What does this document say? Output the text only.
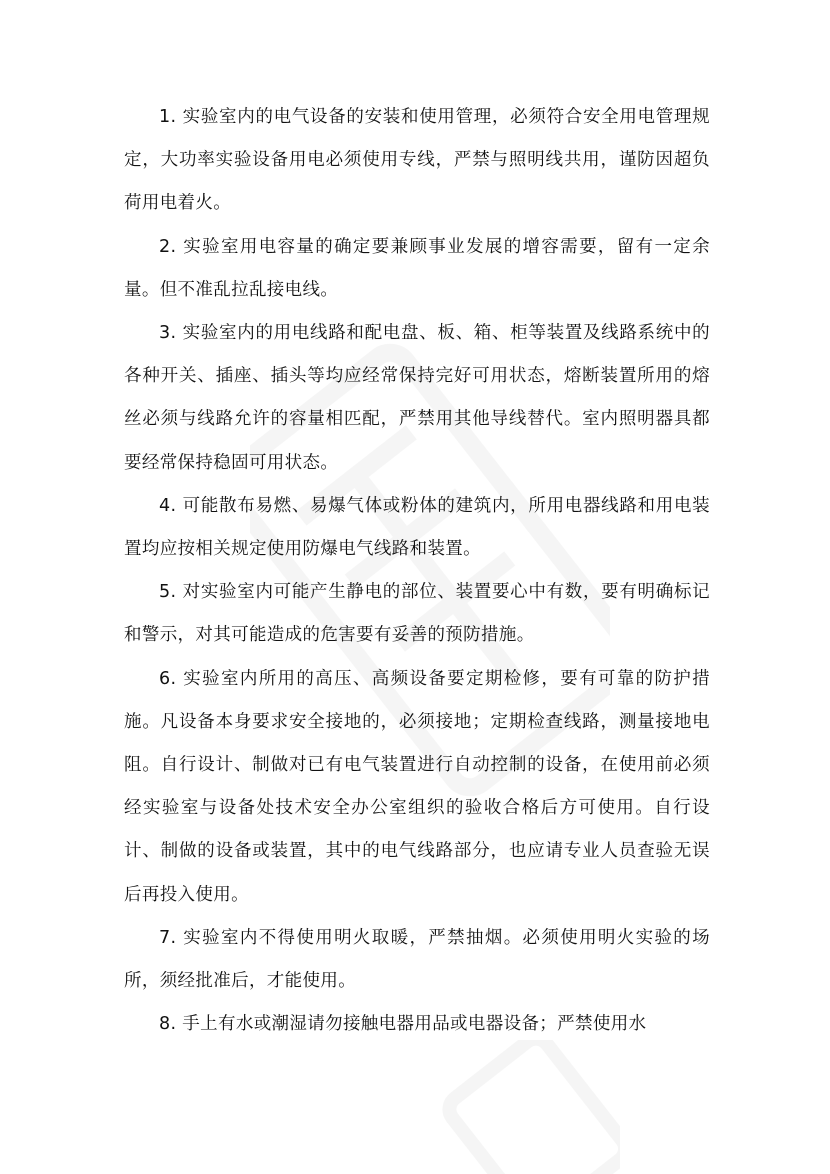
1. 实验室内的电气设备的安装和使用管理，必须符合安全用电管理规定，大功率实验设备用电必须使用专线，严禁与照明线共用，谨防因超负荷用电着火。

2. 实验室用电容量的确定要兼顾事业发展的增容需要，留有一定余量。但不准乱拉乱接电线。

3. 实验室内的用电线路和配电盘、板、箱、柜等装置及线路系统中的各种开关、插座、插头等均应经常保持完好可用状态，熔断装置所用的熔丝必须与线路允许的容量相匹配，严禁用其他导线替代。室内照明器具都要经常保持稳固可用状态。

4. 可能散布易燃、易爆气体或粉体的建筑内，所用电器线路和用电装置均应按相关规定使用防爆电气线路和装置。

5. 对实验室内可能产生静电的部位、装置要心中有数，要有明确标记和警示，对其可能造成的危害要有妥善的预防措施。

6. 实验室内所用的高压、高频设备要定期检修，要有可靠的防护措施。凡设备本身要求安全接地的，必须接地；定期检查线路，测量接地电阻。自行设计、制做对已有电气装置进行自动控制的设备，在使用前必须经实验室与设备处技术安全办公室组织的验收合格后方可使用。自行设计、制做的设备或装置，其中的电气线路部分，也应请专业人员查验无误后再投入使用。

7. 实验室内不得使用明火取暖，严禁抽烟。必须使用明火实验的场所，须经批准后，才能使用。

8. 手上有水或潮湿请勿接触电器用品或电器设备；严禁使用水
